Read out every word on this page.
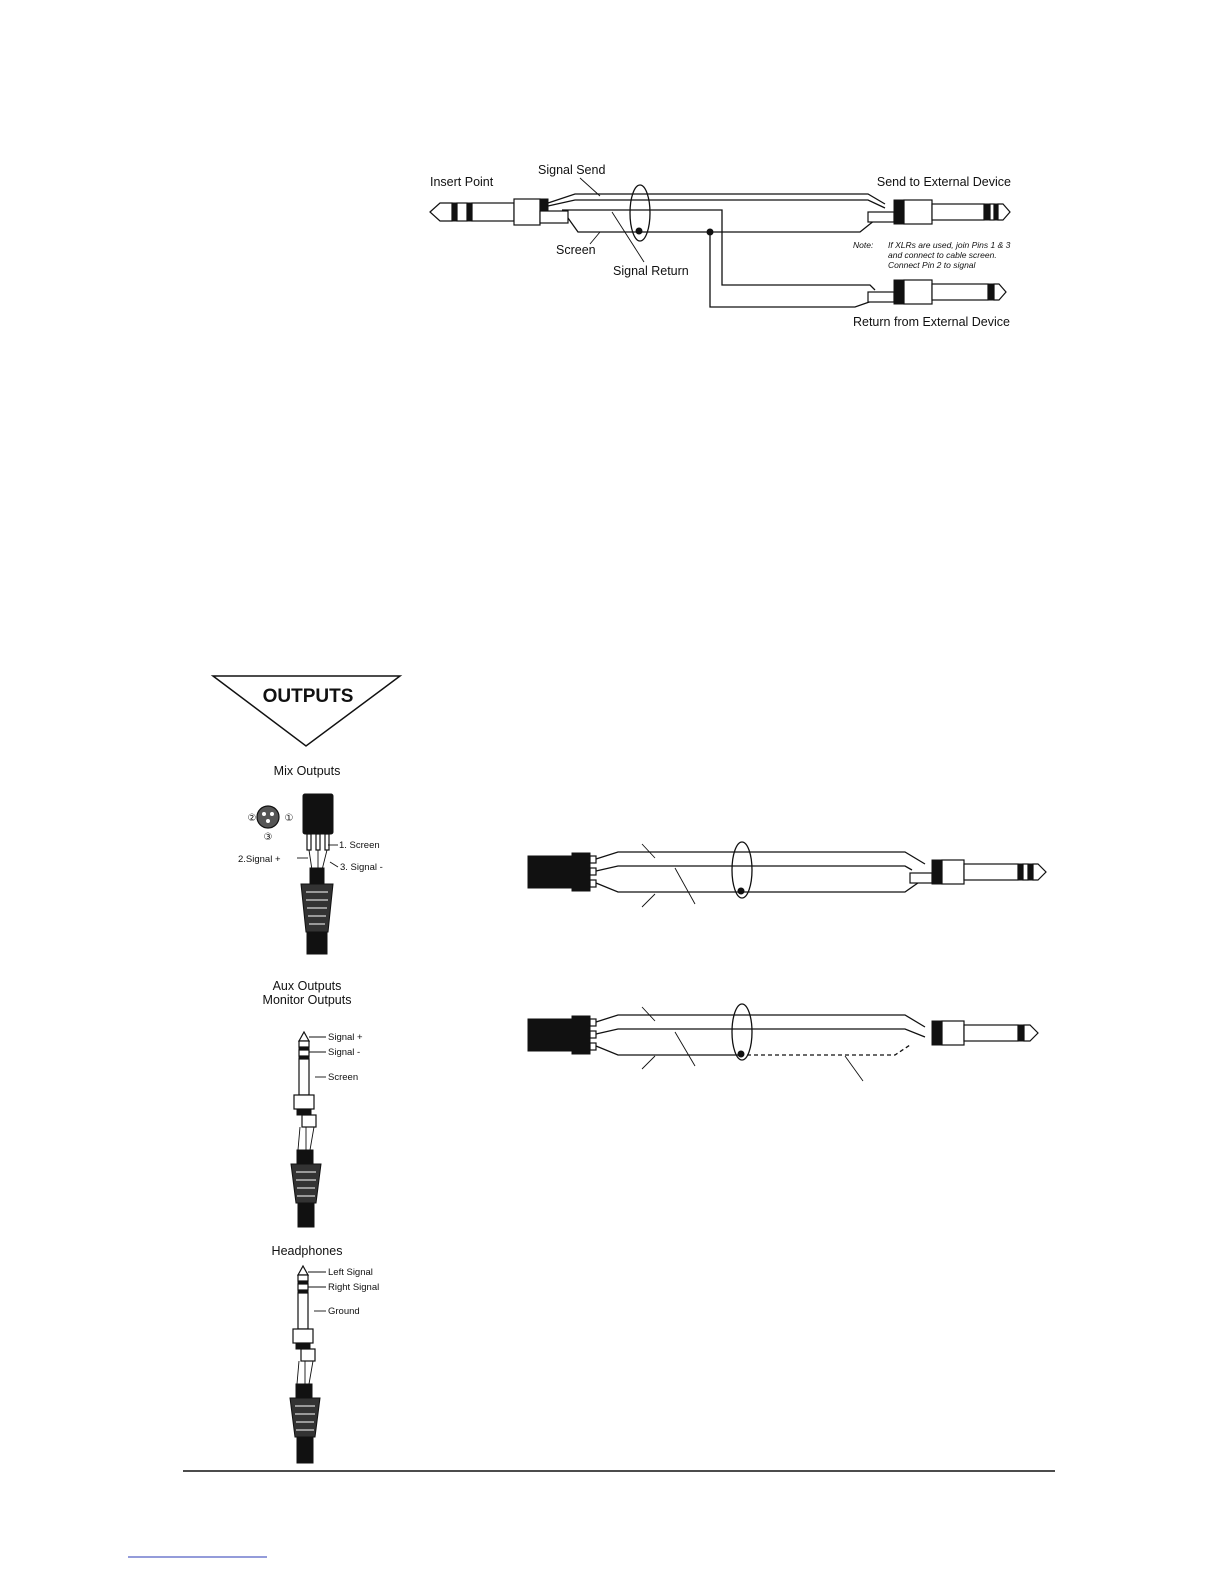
Insert Point
Signal Send
Screen
Signal Return
Send to External Device
Return from External Device
Note: If XLRs are used, join Pins 1 & 3
and connect to cable screen.
Connect Pin 2 to signal
OUTPUTS
Mix Outputs
②	①
③
1. Screen
2.Signal +
3. Signal -
Aux Outputs
Monitor Outputs
Signal +
Signal -
Screen
Headphones
Left Signal
Right Signal
Ground
